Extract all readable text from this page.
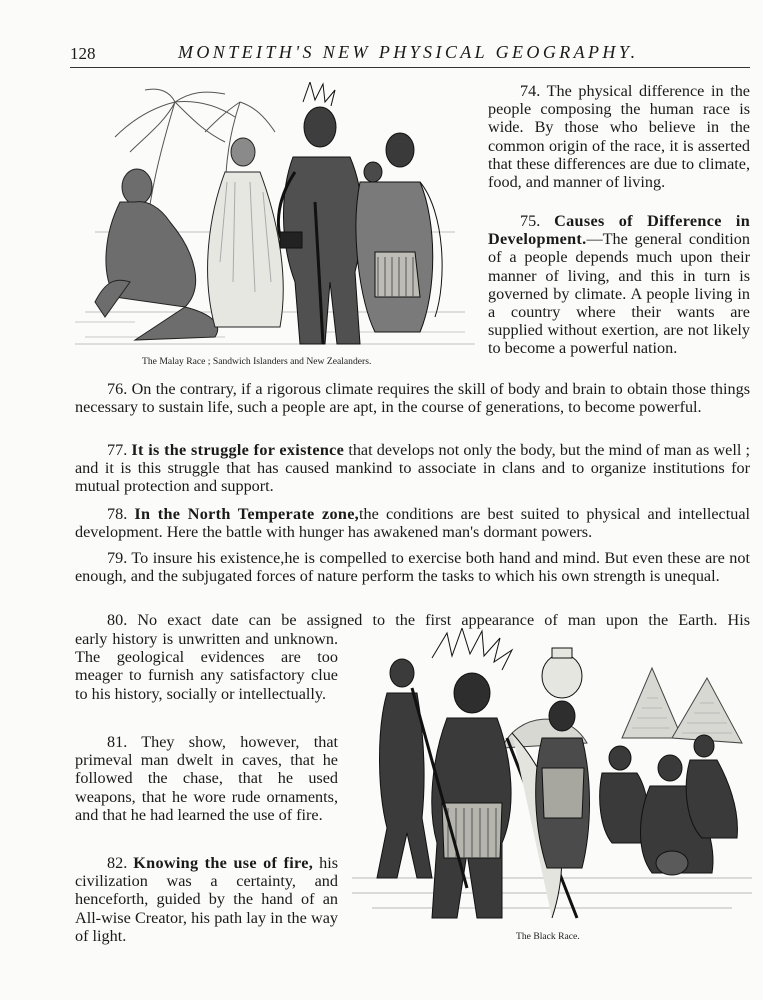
128	MONTEITH'S NEW PHYSICAL GEOGRAPHY.
The Malay Race ; Sandwich Islanders and New Zealanders.

74. The physical difference in the people composing the human race is wide. By those who believe in the common origin of the race, it is asserted that these differences are due to climate, food, and manner of living.

75. Causes of Difference in Development.—The general condition of a people depends much upon their manner of living, and this in turn is governed by climate. A people living in a country where their wants are supplied without exertion, are not likely to become a powerful nation.

76. On the contrary, if a rigorous climate requires the skill of body and brain to obtain those things necessary to sustain life, such a people are apt, in the course of generations, to become powerful.

77. It is the struggle for existence that develops not only the body, but the mind of man as well ; and it is this struggle that has caused mankind to associate in clans and to organize institutions for mutual protection and support.

78. In the North Temperate zone,the conditions are best suited to physical and intellectual development. Here the battle with hunger has awakened man's dormant powers.

79. To insure his existence,he is compelled to exercise both hand and mind. But even these are not enough, and the subjugated forces of nature perform the tasks to which his own strength is unequal.

80. No exact date can be assigned to the first appearance of man upon the Earth. His

early history is unwritten and unknown. The geological evidences are too meager to furnish any satisfactory clue to his history, socially or intellectually.

81. They show, however, that primeval man dwelt in caves, that he followed the chase, that he used weapons, that he wore rude ornaments, and that he had learned the use of fire.

82. Knowing the use of fire, his civilization was a certainty, and henceforth, guided by the hand of an All-wise Creator, his path lay in the way of light.	The Black Race.
